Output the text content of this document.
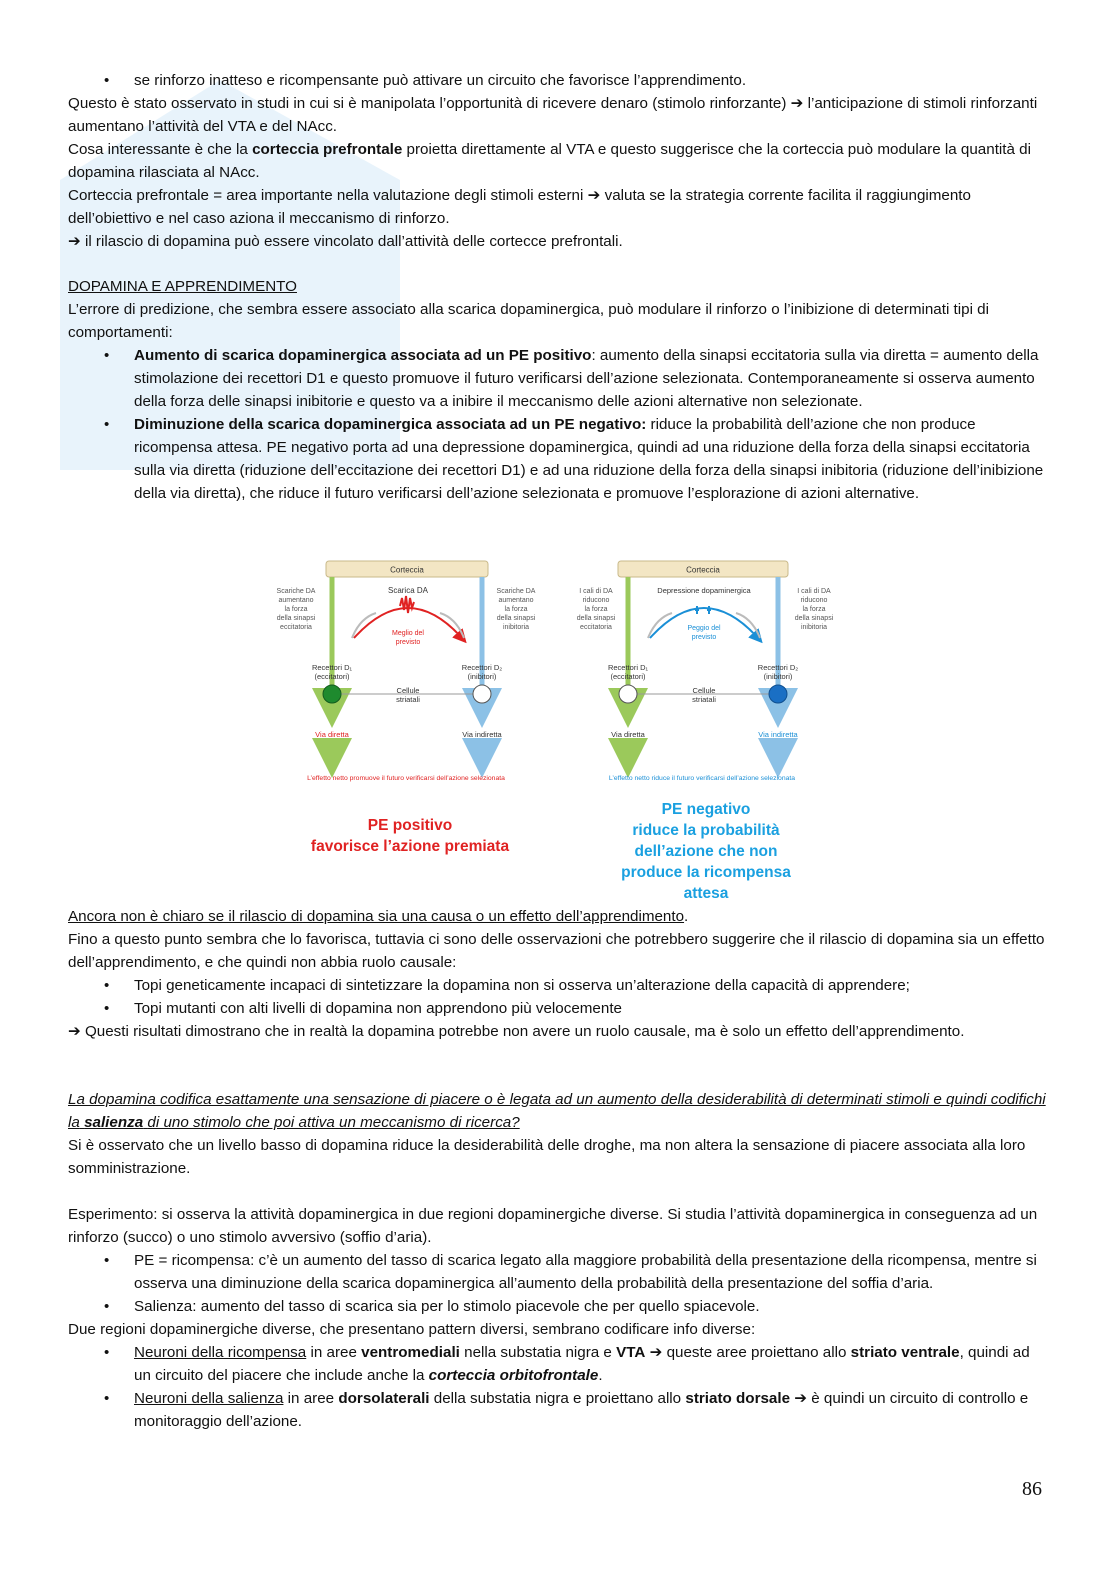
• se rinforzo inatteso e ricompensante può attivare un circuito che favorisce l’apprendimento.

Questo è stato osservato in studi in cui si è manipolata l’opportunità di ricevere denaro (stimolo rinforzante) ➔ l’anticipazione di stimoli rinforzanti aumentano l’attività del VTA e del NAcc.

Cosa interessante è che la corteccia prefrontale proietta direttamente al VTA e questo suggerisce che la corteccia può modulare la quantità di dopamina rilasciata al NAcc.

Corteccia prefrontale = area importante nella valutazione degli stimoli esterni ➔ valuta se la strategia corrente facilita il raggiungimento dell’obiettivo e nel caso aziona il meccanismo di rinforzo.

➔ il rilascio di dopamina può essere vincolato dall’attività delle cortecce prefrontali.

DOPAMINA E APPRENDIMENTO

L’errore di predizione, che sembra essere associato alla scarica dopaminergica, può modulare il rinforzo o l’inibizione di determinati tipi di comportamenti:

• Aumento di scarica dopaminergica associata ad un PE positivo: aumento della sinapsi eccitatoria sulla via diretta = aumento della stimolazione dei recettori D1 e questo promuove il futuro verificarsi dell’azione selezionata. Contemporaneamente si osserva aumento della forza delle sinapsi inibitorie e questo va a inibire il meccanismo delle azioni alternative non selezionate.
• Diminuzione della scarica dopaminergica associata ad un PE negativo: riduce la probabilità dell’azione che non produce ricompensa attesa. PE negativo porta ad una depressione dopaminergica, quindi ad una riduzione della forza della sinapsi eccitatoria sulla via diretta (riduzione dell’eccitazione dei recettori D1) e ad una riduzione della forza della sinapsi inibitoria (riduzione dell’inibizione della via diretta), che riduce il futuro verificarsi dell’azione selezionata e promuove l’esplorazione di azioni alternative.
Corteccia
Scariche DA aumentano la forza della sinapsi eccitatoria
Scariche DA aumentano la forza della sinapsi inibitoria
Scarica DA
Meglio del previsto
Recettori D₁ (eccitatori)
Recettori D₂ (inibitori)
Cellule striatali
Via diretta	Via indiretta
L’effetto netto promuove il futuro verificarsi dell’azione selezionata
PE positivo favorisce l’azione premiata
Corteccia
I cali di DA riducono la forza della sinapsi eccitatoria
I cali di DA riducono la forza della sinapsi inibitoria
Depressione dopaminergica
Peggio del previsto
Recettori D₁ (eccitatori)
Recettori D₂ (inibitori)
Cellule striatali
Via diretta	Via indiretta
L’effetto netto riduce il futuro verificarsi dell’azione selezionata
PE negativo riduce la probabilità dell’azione che non produce la ricompensa attesa

Ancora non è chiaro se il rilascio di dopamina sia una causa o un effetto dell’apprendimento.

Fino a questo punto sembra che lo favorisca, tuttavia ci sono delle osservazioni che potrebbero suggerire che il rilascio di dopamina sia un effetto dell’apprendimento, e che quindi non abbia ruolo causale:

• Topi geneticamente incapaci di sintetizzare la dopamina non si osserva un’alterazione della capacità di apprendere;
• Topi mutanti con alti livelli di dopamina non apprendono più velocemente

➔ Questi risultati dimostrano che in realtà la dopamina potrebbe non avere un ruolo causale, ma è solo un effetto dell’apprendimento.

La dopamina codifica esattamente una sensazione di piacere o è legata ad un aumento della desiderabilità di determinati stimoli e quindi codifichi la salienza di uno stimolo che poi attiva un meccanismo di ricerca?

Si è osservato che un livello basso di dopamina riduce la desiderabilità delle droghe, ma non altera la sensazione di piacere associata alla loro somministrazione.

Esperimento: si osserva la attività dopaminergica in due regioni dopaminergiche diverse. Si studia l’attività dopaminergica in conseguenza ad un rinforzo (succo) o uno stimolo avversivo (soffio d’aria).

• PE = ricompensa: c’è un aumento del tasso di scarica legato alla maggiore probabilità della presentazione della ricompensa, mentre si osserva una diminuzione della scarica dopaminergica all’aumento della probabilità della presentazione del soffia d’aria.
• Salienza: aumento del tasso di scarica sia per lo stimolo piacevole che per quello spiacevole.

Due regioni dopaminergiche diverse, che presentano pattern diversi, sembrano codificare info diverse:

• Neuroni della ricompensa in aree ventromediali nella substatia nigra e VTA ➔ queste aree proiettano allo striato ventrale, quindi ad un circuito del piacere che include anche la corteccia orbitofrontale.
• Neuroni della salienza in aree dorsolaterali della substatia nigra e proiettano allo striato dorsale ➔ è quindi un circuito di controllo e monitoraggio dell’azione.
86
